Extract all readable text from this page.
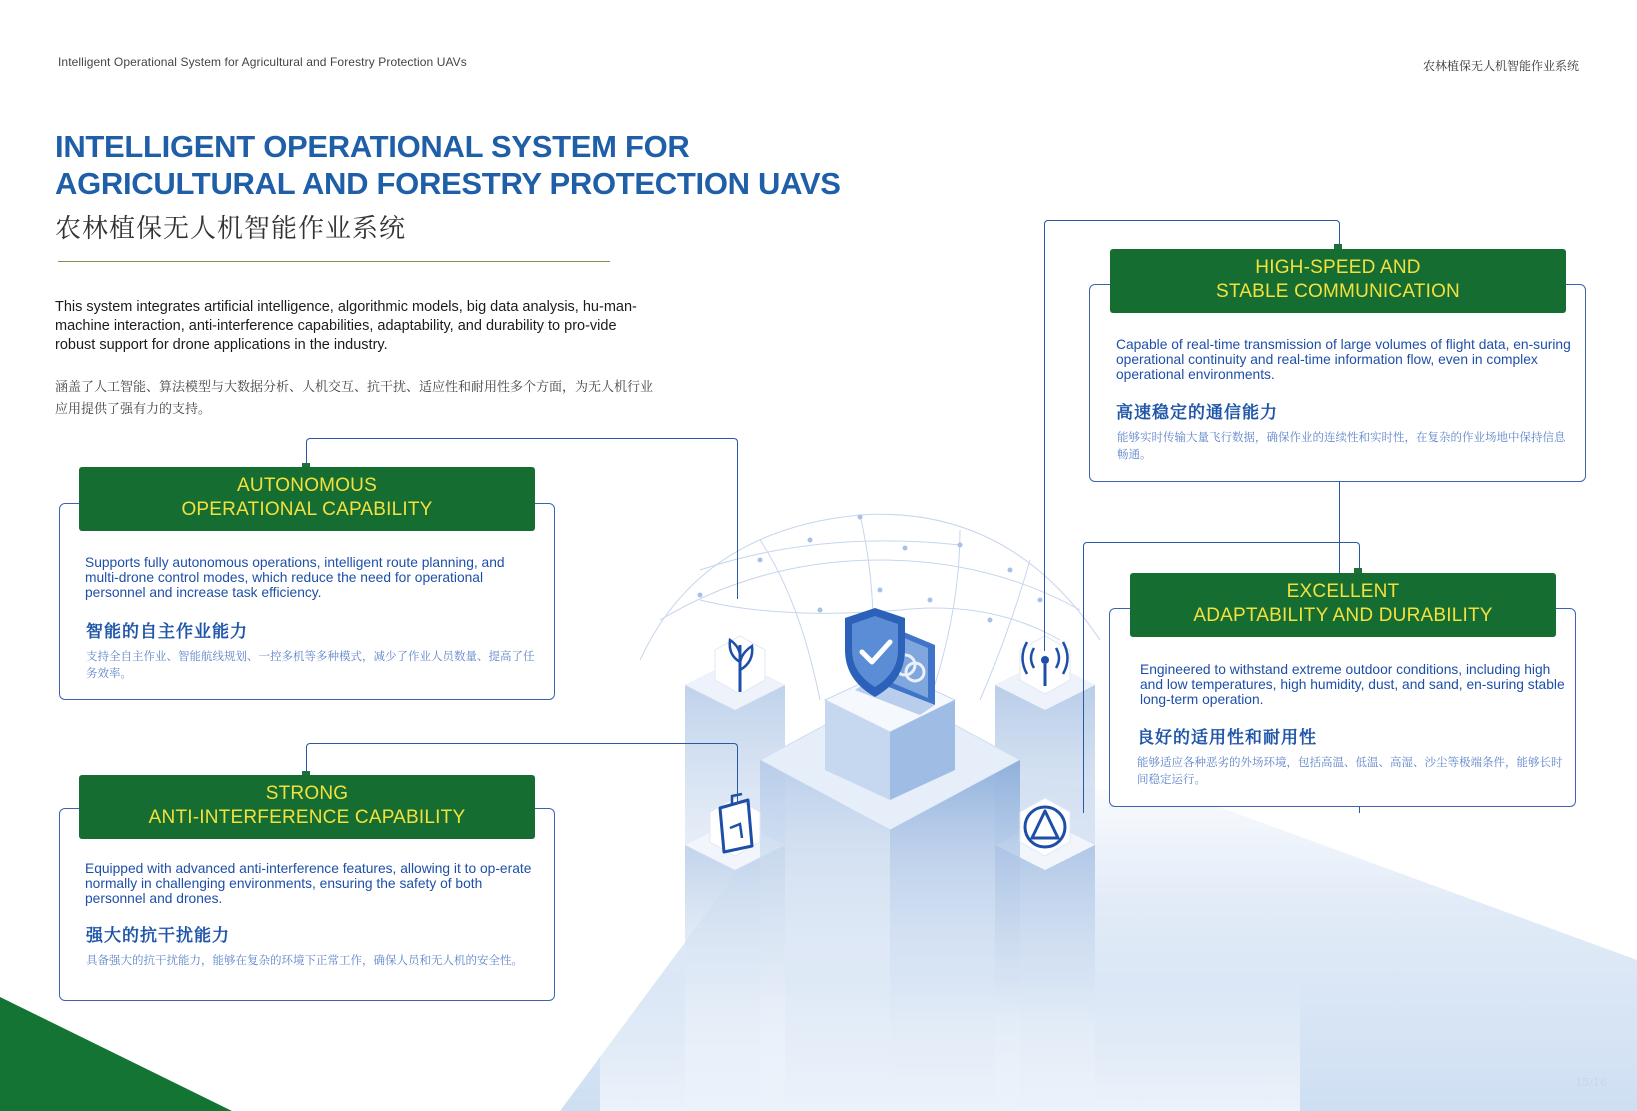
Intelligent Operational System for Agricultural and Forestry Protection UAVs	农林植保无人机智能作业系统
INTELLIGENT OPERATIONAL SYSTEM FOR
AGRICULTURAL AND FORESTRY PROTECTION UAVS
农林植保无人机智能作业系统

This system integrates artificial intelligence, algorithmic models, big data analysis, hu-man-machine interaction, anti-interference capabilities, adaptability, and durability to pro-vide robust support for drone applications in the industry.

涵盖了人工智能、算法模型与大数据分析、人机交互、抗干扰、适应性和耐用性多个方面，为无人机行业应用提供了强有力的支持。

AUTONOMOUS
OPERATIONAL CAPABILITY

Supports fully autonomous operations, intelligent route planning, and multi-drone control modes, which reduce the need for operational personnel and increase task efficiency.

智能的自主作业能力

支持全自主作业、智能航线规划、一控多机等多种模式，减少了作业人员数量、提高了任务效率。

STRONG
ANTI-INTERFERENCE CAPABILITY

Equipped with advanced anti-interference features, allowing it to op-erate normally in challenging environments, ensuring the safety of both personnel and drones.

强大的抗干扰能力

具备强大的抗干扰能力，能够在复杂的环境下正常工作，确保人员和无人机的安全性。

HIGH-SPEED AND
STABLE COMMUNICATION

Capable of real-time transmission of large volumes of flight data, en-suring operational continuity and real-time information flow, even in complex operational environments.

高速稳定的通信能力

能够实时传输大量飞行数据，确保作业的连续性和实时性，在复杂的作业场地中保持信息畅通。

EXCELLENT
ADAPTABILITY AND DURABILITY

Engineered to withstand extreme outdoor conditions, including high and low temperatures, high humidity, dust, and sand, en-suring stable long-term operation.

良好的适用性和耐用性

能够适应各种恶劣的外场环境，包括高温、低温、高湿、沙尘等极端条件，能够长时间稳定运行。

15/16
